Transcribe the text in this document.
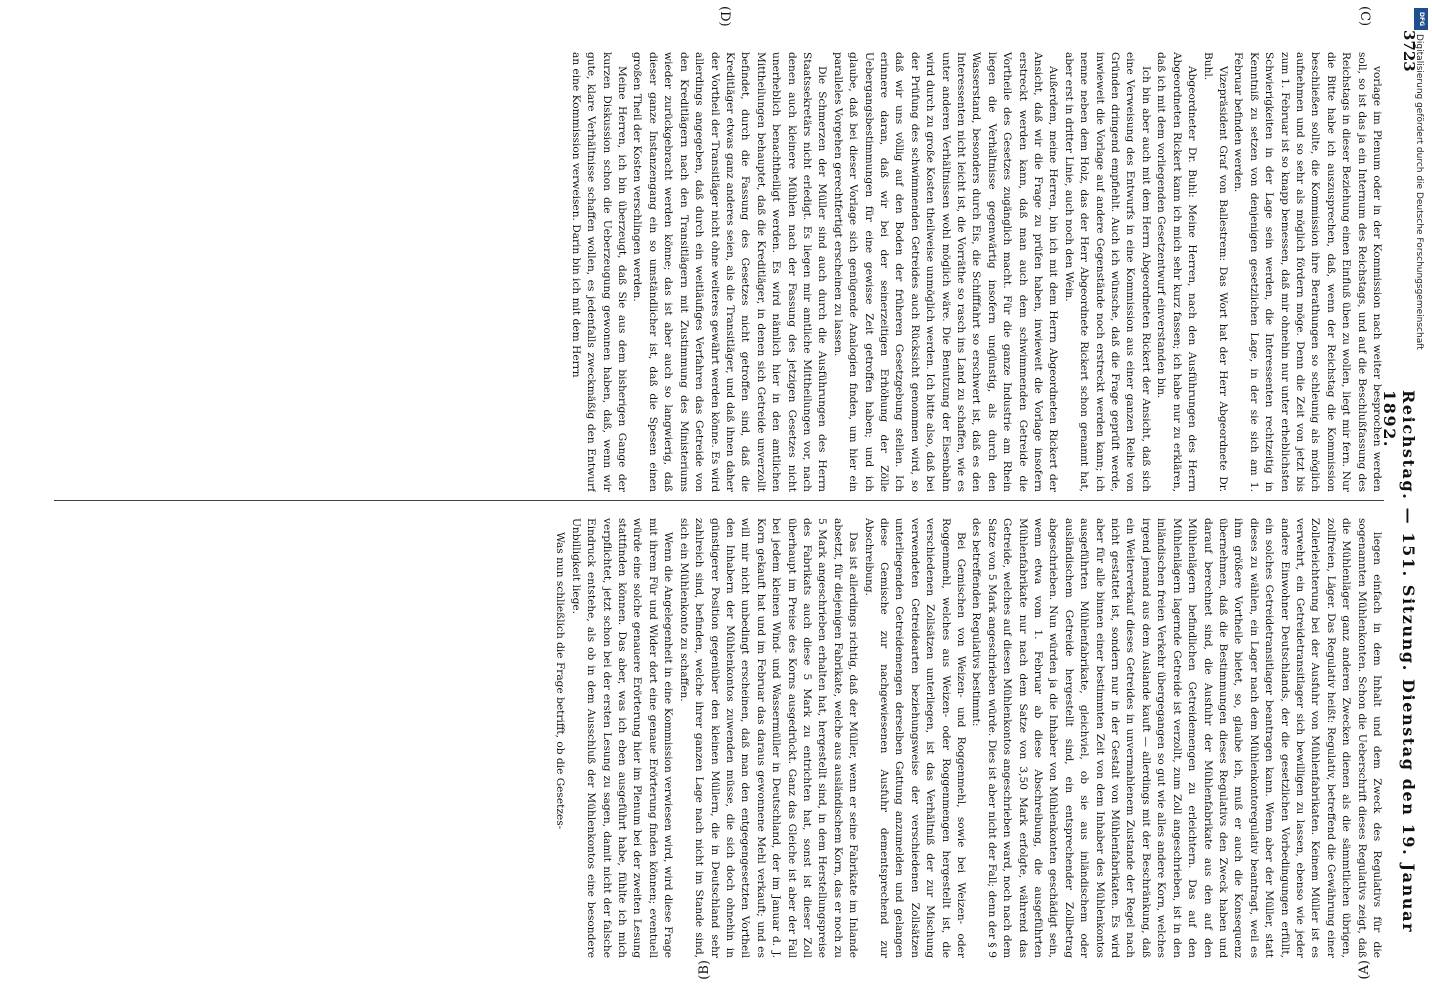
3723
Reichstag. — 151. Sitzung. Dienstag den 19. Januar 1892.
(C)
(D)
(A)
(B)

vorlage im Plenum oder in der Kommission nach weiter besprochen werden soll, so ist das ja ein Internum des Reichstags, und auf die Beschlußfassung des Reichstags in dieser Beziehung einen Einfluß üben zu wollen, liegt mir fern. Nur die Bitte habe ich auszusprechen, daß, wenn der Reichstag die Kommission beschließen sollte, die Kommission ihre Berathungen so schleunig als möglich aufnehmen und so sehr als möglich fördern möge. Denn die Zeit von jetzt bis zum 1. Februar ist so knapp bemessen, daß mir ohnehin nur unter erheblichsten Schwierigkeiten in der Lage sein werden, die Interessenten rechtzeitig in Kenntniß zu setzen von denjenigen gesetzlichen Lage, in der sie sich am 1. Februar befinden werden.

Vizepräsident Graf von Ballestrem: Das Wort hat der Herr Abgeordnete Dr. Buhl.

Abgeordneter Dr. Buhl: Meine Herren, nach den Ausführungen des Herrn Abgeordneten Rickert kann ich mich sehr kurz fassen; ich habe nur zu erklären, daß ich mit dem vorliegenden Gesetzentwurf einverstanden bin.

Ich bin aber auch mit dem Herrn Abgeordneten Rickert der Ansicht, daß sich eine Verweisung des Entwurfs in eine Kommission aus einer ganzen Reihe von Gründen dringend empfiehlt. Auch ich wünsche, daß die Frage geprüft werde, inwieweit die Vorlage auf andere Gegenstände noch erstreckt werden kann; ich nenne neben dem Holz, das der Herr Abgeordnete Rickert schon genannt hat, aber erst in dritter Linie, auch noch den Wein.

Außerdem, meine Herren, bin ich mit dem Herrn Abgeordneten Rickert der Ansicht, daß wir die Frage zu prüfen haben, inwieweit die Vorlage insofern erstreckt werden kann, daß man auch dem schwimmenden Getreide die Vortheile des Gesetzes zugänglich macht. Für die ganze Industrie am Rhein liegen die Verhältnisse gegenwärtig insofern ungünstig, als durch den Wasserstand, besonders durch Eis, die Schifffahrt so erschwert ist, daß es den Interessenten nicht leicht ist, die Vorräthe so rasch ins Land zu schaffen, wie es unter anderen Verhältnissen wohl möglich wäre. Die Benutzung der Eisenbahn wird durch zu große Kosten theilweise unmöglich werden. Ich bitte also, daß bei der Prüfung des schwimmenden Getreides auch Rücksicht genommen wird, so daß wir uns völlig auf den Boden der früheren Gesetzgebung stellen. Ich erinnere daran, daß wir bei der seinerzeitigen Erhöhung der Zölle Uebergangsbestimmungen für eine gewisse Zeit getroffen haben; und ich glaube, daß bei dieser Vorlage sich genügende Analogien finden, um hier ein paralleles Vorgehen gerechtfertigt erscheinen zu lassen.

Die Schmerzen der Müller sind auch durch die Ausführungen des Herrn Staatssekretärs nicht erledigt. Es liegen mir amtliche Mittheilungen vor, nach denen auch kleinere Mühlen nach der Fassung des jetzigen Gesetzes nicht unerheblich benachtheiligt werden. Es wird nämlich hier in den amtlichen Mittheilungen behauptet, daß die Kreditläger, in denen sich Getreide unverzollt befindet, durch die Fassung des Gesetzes nicht getroffen sind, daß die Kreditläger etwas ganz anderes seien, als die Transitläger, und daß ihnen daher der Vortheil der Transitläger nicht ohne weiteres gewährt werden könne. Es wird allerdings angegeben, daß durch ein weitläufiges Verfahren das Getreide von den Kreditlägern nach den Transitlägern mit Zustimmung des Ministeriums wieder zurückgebracht werden könne; das ist aber auch so langwierig, daß dieser ganze Instanzengang ein so umständlicher ist, daß die Spesen einen großen Theil der Kosten verschlingen werden.

Meine Herren, ich bin überzeugt, daß Sie aus dem bisherigen Gange der kurzen Diskussion schon die Ueberzeugung gewonnen haben, daß, wenn wir gute, klare Verhältnisse schaffen wollen, es jedenfalls zweckmäßig den Entwurf an eine Kommission verweisen. Darin bin ich mit dem Herrn

liegen einfach in dem Inhalt und dem Zweck des Regulativs für die sogenannten Mühlenkonten. Schon die Ueberschrift dieses Regulativs zeigt, daß die Mühlenläger ganz anderen Zwecken dienen als die sämmtlichen übrigen, zollfreien, Läger. Das Regulativ heißt: Regulativ, betreffend die Gewährung einer Zollerleichterung bei der Ausfuhr von Mühlenfabrikaten. Keinem Müller ist es verwehrt, ein Getreidetransitlager sich bewilligen zu lassen, ebenso wie jeder andere Einwohner Deutschlands, der die gesetzlichen Vorbedingungen erfüllt, ein solches Getreidetransitlager beantragen kann. Wenn aber der Müller, statt dieses zu wählen, ein Lager nach dem Mühlenkontoregulativ beantragt, weil es ihm größere Vortheile bietet, so, glaube ich, muß er auch die Konsequenz übernehmen, daß die Bestimmungen dieses Regulativs den Zweck haben und darauf berechnet sind, die Ausfuhr der Mühlenfabrikate aus den auf den Mühlenlägern befindlichen Getreidemengen zu erleichtern. Das auf den Mühlenlägern lagernde Getreide ist verzollt, zum Zoll angeschrieben, ist in den inländischen freien Verkehr übergegangen so gut wie alles andere Korn, welches irgend jemand aus dem Auslande kauft — allerdings mit der Beschränkung, daß ein Weiterverkauf dieses Getreides in unvermahlenem Zustande der Regel nach nicht gestattet ist, sondern nur in der Gestalt von Mühlenfabrikaten. Es wird aber für alle binnen einer bestimmten Zeit von dem Inhaber des Mühlenkontos ausgeführten Mühlenfabrikate, gleichviel, ob sie aus inländischem oder ausländischem Getreide hergestellt sind, ein entsprechender Zollbetrag abgeschrieben. Nun würden ja die Inhaber von Mühlenkonten geschädigt sein, wenn etwa vom 1. Februar ab diese Abschreibung, die ausgeführten Mühlenfabrikate nur nach dem Satze von 3,50 Mark erfolgte, während das Getreide, welches auf diesen Mühlenkontos angeschrieben ward, noch nach dem Satze von 5 Mark angeschrieben würde. Dies ist aber nicht der Fall; denn der § 9 des betreffenden Regulativs bestimmt:

Bei Gemischen von Weizen- und Roggenmehl, sowie bei Weizen- oder Roggenmehl, welches aus Weizen- oder Roggenmengen hergestellt ist, die verschiedenen Zollsätzen unterliegen, ist das Verhältniß der zur Mischung verwendeten Getreidearten beziehungsweise der verschiedenen Zollsätzen unterliegenden Getreidemengen derselben Gattung anzumelden und gelangen diese Gemische zur nachgewiesenen Ausfuhr dementsprechend zur Abschreibung.

Das ist allerdings richtig, daß der Müller, wenn er seine Fabrikate im Inlande absetzt, für diejenigen Fabrikate, welche aus ausländischem Korn, das er noch zu 5 Mark angeschrieben erhalten hat, hergestellt sind, in dem Herstellungspreise des Fabrikats auch diese 5 Mark zu entrichten hat, sonst ist dieser Zoll überhaupt im Preise des Korns ausgedrückt. Ganz das Gleiche ist aber der Fall bei jedem kleinen Wind- und Wassermüller in Deutschland, der im Januar d. J. Korn gekauft hat und im Februar das daraus gewonnene Mehl verkauft; und es will mir nicht unbedingt erscheinen, daß man den entgegengesetzten Vortheil den Inhabern der Mühlenkontos zuwenden müsse, die sich doch ohnehin in günstigerer Position gegenüber den kleinen Müllern, die in Deutschland sehr zahlreich sind, befinden, welche ihrer ganzen Lage nach nicht im Stande sind, sich ein Mühlenkonto zu schaffen.

Wenn die Angelegenheit in eine Kommission verwiesen wird, wird diese Frage mit ihrem Für und Wider dort eine genaue Erörterung finden können; eventuell würde eine solche genauere Erörterung hier im Plenum bei der zweiten Lesung stattfinden können. Das aber, was ich eben ausgeführt habe, fühlte ich mich verpflichtet, jetzt schon bei der ersten Lesung zu sagen, damit nicht der falsche Eindruck entstehe, als ob in dem Ausschluß der Mühlenkontos eine besondere Unbilligkeit liege.

Was nun schließlich die Frage betrifft, ob die Gesetzes-

DFG
Digitalisierung gefördert durch die Deutsche Forschungsgemeinschaft
